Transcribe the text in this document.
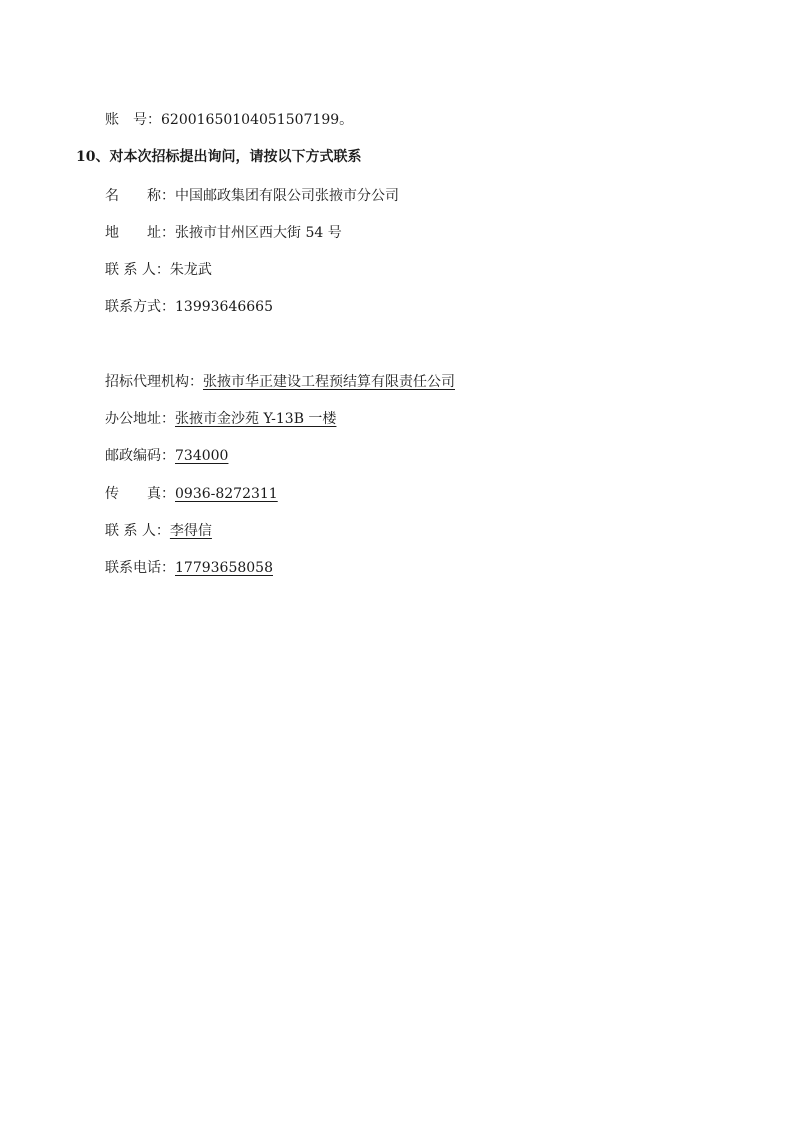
账　号：62001650104051507199。
10、对本次招标提出询问，请按以下方式联系
名　　称：中国邮政集团有限公司张掖市分公司
地　　址：张掖市甘州区西大街 54 号
联 系 人：朱龙武
联系方式：13993646665
招标代理机构：张掖市华正建设工程预结算有限责任公司
办公地址：张掖市金沙苑 Y-13B 一楼
邮政编码：734000
传　　真：0936-8272311
联 系 人：李得信
联系电话：17793658058
